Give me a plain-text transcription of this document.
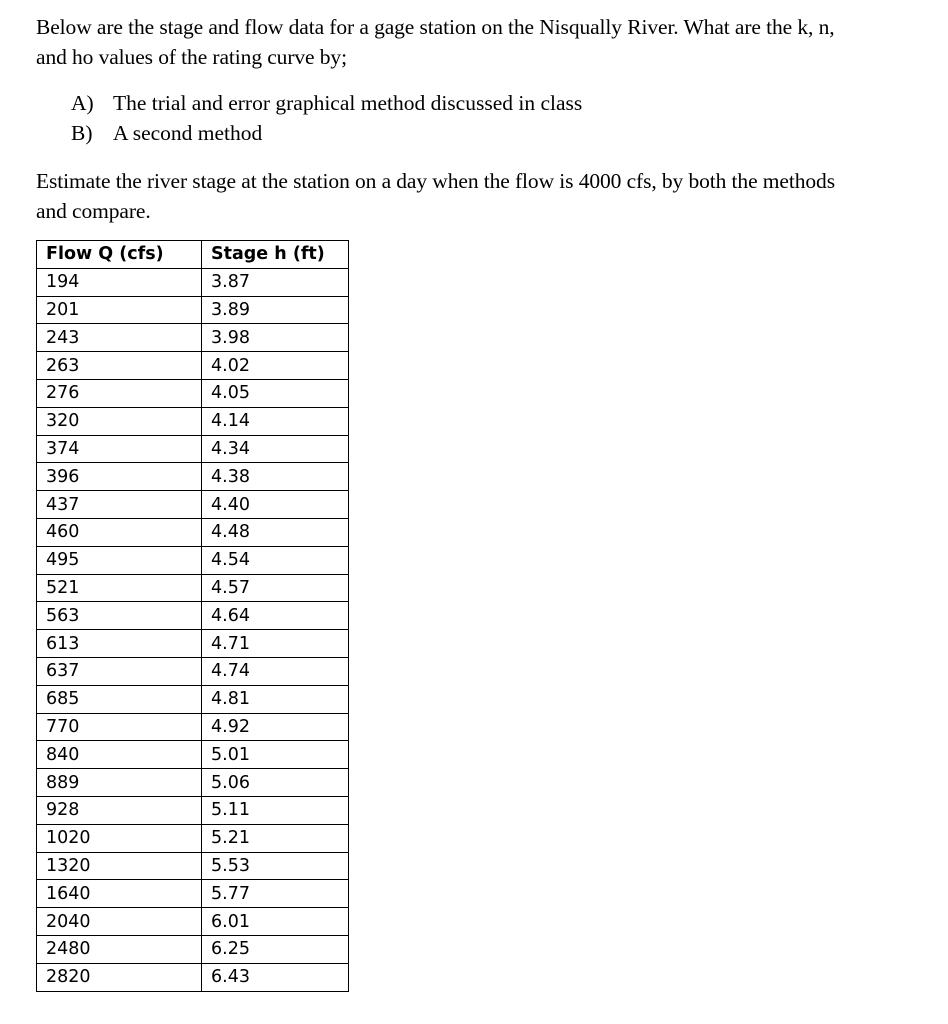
Below are the stage and flow data for a gage station on the Nisqually River. What are the k, n,
and ho values of the rating curve by;

A) The trial and error graphical method discussed in class
B) A second method

Estimate the river stage at the station on a day when the flow is 4000 cfs, by both the methods
and compare.

Flow Q (cfs)	Stage h (ft)
194	3.87
201	3.89
243	3.98
263	4.02
276	4.05
320	4.14
374	4.34
396	4.38
437	4.40
460	4.48
495	4.54
521	4.57
563	4.64
613	4.71
637	4.74
685	4.81
770	4.92
840	5.01
889	5.06
928	5.11
1020	5.21
1320	5.53
1640	5.77
2040	6.01
2480	6.25
2820	6.43
